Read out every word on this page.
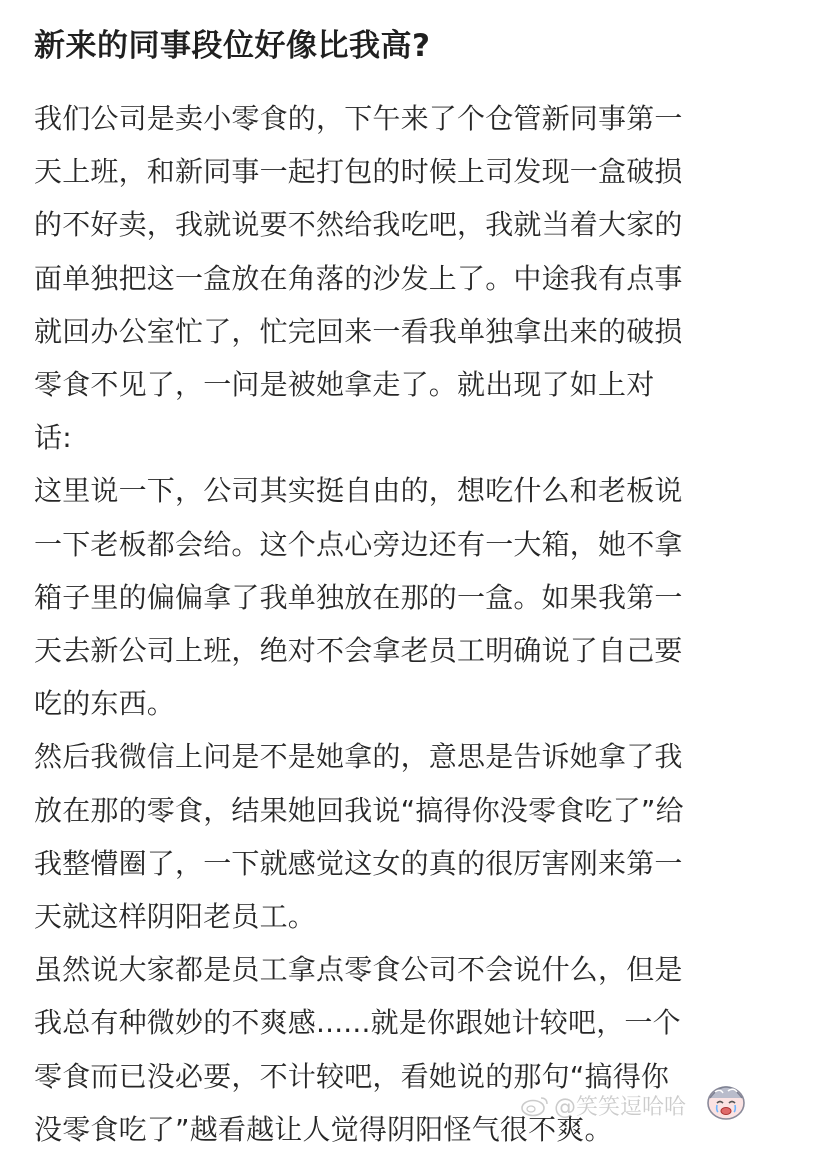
新来的同事段位好像比我高?
我们公司是卖小零食的，下午来了个仓管新同事第一
天上班，和新同事一起打包的时候上司发现一盒破损
的不好卖，我就说要不然给我吃吧，我就当着大家的
面单独把这一盒放在角落的沙发上了。中途我有点事
就回办公室忙了，忙完回来一看我单独拿出来的破损
零食不见了，一问是被她拿走了。就出现了如上对
话:
这里说一下，公司其实挺自由的，想吃什么和老板说
一下老板都会给。这个点心旁边还有一大箱，她不拿
箱子里的偏偏拿了我单独放在那的一盒。如果我第一
天去新公司上班，绝对不会拿老员工明确说了自己要
吃的东西。
然后我微信上问是不是她拿的，意思是告诉她拿了我
放在那的零食，结果她回我说“搞得你没零食吃了”给
我整懵圈了，一下就感觉这女的真的很厉害刚来第一
天就这样阴阳老员工。
虽然说大家都是员工拿点零食公司不会说什么，但是
我总有种微妙的不爽感......就是你跟她计较吧，一个
零食而已没必要，不计较吧，看她说的那句“搞得你
没零食吃了”越看越让人觉得阴阳怪气很不爽。
@笑笑逗哈哈
